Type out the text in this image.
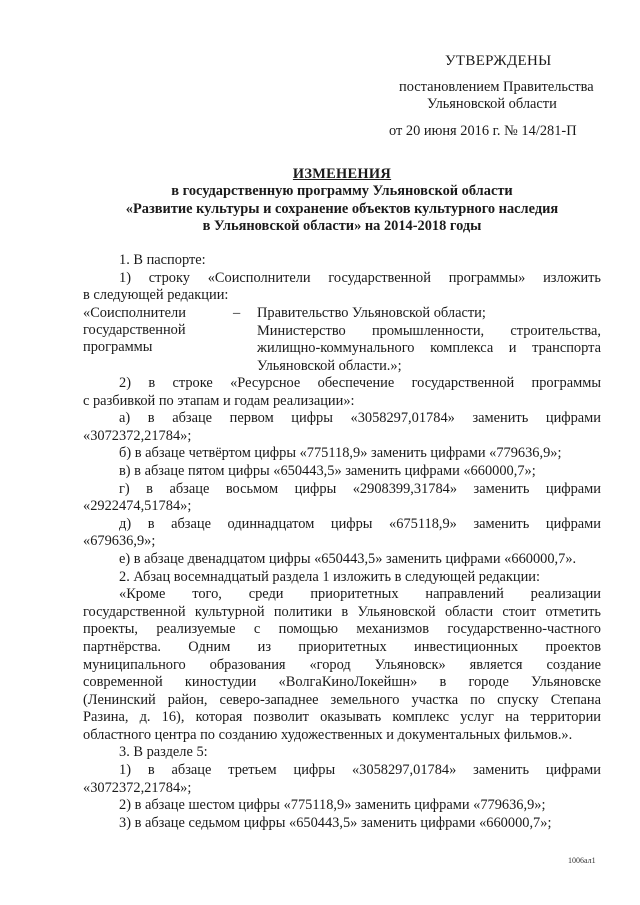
УТВЕРЖДЕНЫ
постановлением Правительства
Ульяновской области
от 20 июня 2016 г. № 14/281-П
ИЗМЕНЕНИЯ
в государственную программу Ульяновской области
«Развитие культуры и сохранение объектов культурного наследия
в Ульяновской области» на 2014-2018 годы
1. В паспорте:
1) строку «Соисполнители государственной программы» изложить
в следующей редакции:
«Соисполнители
государственной
программы
– Правительство Ульяновской области;
Министерство промышленности, строительства,
жилищно-коммунального комплекса и транспорта
Ульяновской области.»;
2) в строке «Ресурсное обеспечение государственной программы
с разбивкой по этапам и годам реализации»:
а) в абзаце первом цифры «3058297,01784» заменить цифрами
«3072372,21784»;
б) в абзаце четвёртом цифры «775118,9» заменить цифрами «779636,9»;
в) в абзаце пятом цифры «650443,5» заменить цифрами «660000,7»;
г) в абзаце восьмом цифры «2908399,31784» заменить цифрами
«2922474,51784»;
д) в абзаце одиннадцатом цифры «675118,9» заменить цифрами
«679636,9»;
е) в абзаце двенадцатом цифры «650443,5» заменить цифрами «660000,7».
2. Абзац восемнадцатый раздела 1 изложить в следующей редакции:
«Кроме того, среди приоритетных направлений реализации
государственной культурной политики в Ульяновской области стоит отметить
проекты, реализуемые с помощью механизмов государственно-частного
партнёрства. Одним из приоритетных инвестиционных проектов
муниципального образования «город Ульяновск» является создание
современной киностудии «ВолгаКиноЛокейшн» в городе Ульяновске
(Ленинский район, северо-западнее земельного участка по спуску Степана
Разина, д. 16), которая позволит оказывать комплекс услуг на территории
областного центра по созданию художественных и документальных фильмов.».
3. В разделе 5:
1) в абзаце третьем цифры «3058297,01784» заменить цифрами
«3072372,21784»;
2) в абзаце шестом цифры «775118,9» заменить цифрами «779636,9»;
3) в абзаце седьмом цифры «650443,5» заменить цифрами «660000,7»;
1006ал1
